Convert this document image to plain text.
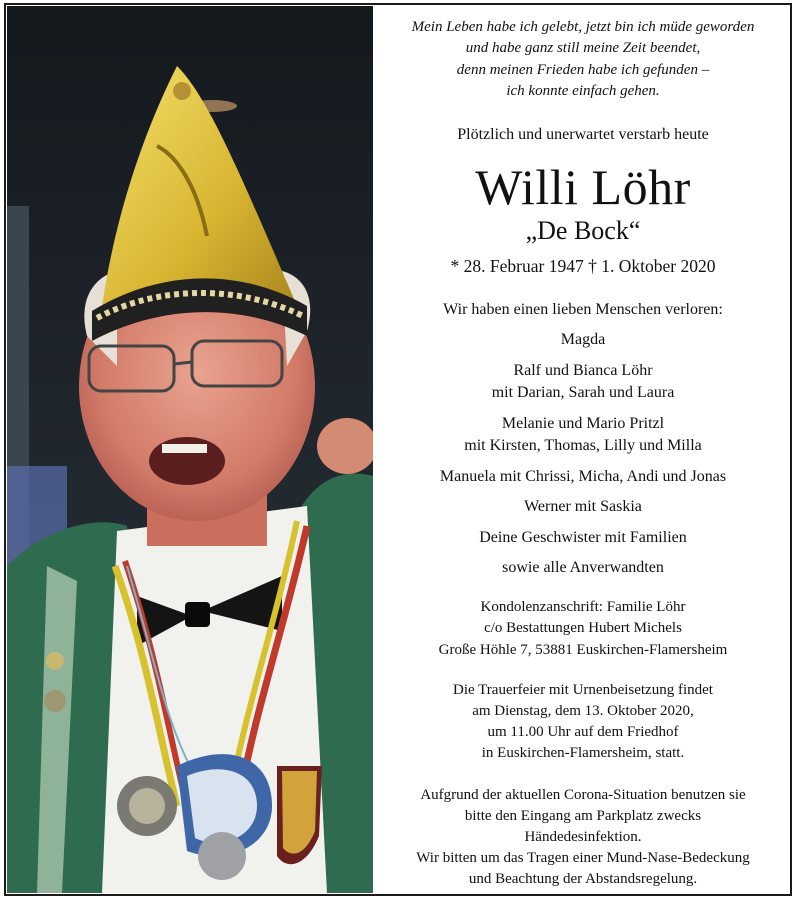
Mein Leben habe ich gelebt, jetzt bin ich müde geworden
und habe ganz still meine Zeit beendet,
denn meinen Frieden habe ich gefunden –
ich konnte einfach gehen.
Plötzlich und unerwartet verstarb heute
Willi Löhr
„De Bock“
* 28. Februar 1947 † 1. Oktober 2020
Wir haben einen lieben Menschen verloren:
Magda
Ralf und Bianca Löhr
mit Darian, Sarah und Laura
Melanie und Mario Pritzl
mit Kirsten, Thomas, Lilly und Milla
Manuela mit Chrissi, Micha, Andi und Jonas
Werner mit Saskia
Deine Geschwister mit Familien
sowie alle Anverwandten
Kondolenzanschrift: Familie Löhr
c/o Bestattungen Hubert Michels
Große Höhle 7, 53881 Euskirchen-Flamersheim
Die Trauerfeier mit Urnenbeisetzung findet
am Dienstag, dem 13. Oktober 2020,
um 11.00 Uhr auf dem Friedhof
in Euskirchen-Flamersheim, statt.
Aufgrund der aktuellen Corona-Situation benutzen sie
bitte den Eingang am Parkplatz zwecks
Händedesinfektion.
Wir bitten um das Tragen einer Mund-Nase-Bedeckung
und Beachtung der Abstandsregelung.
